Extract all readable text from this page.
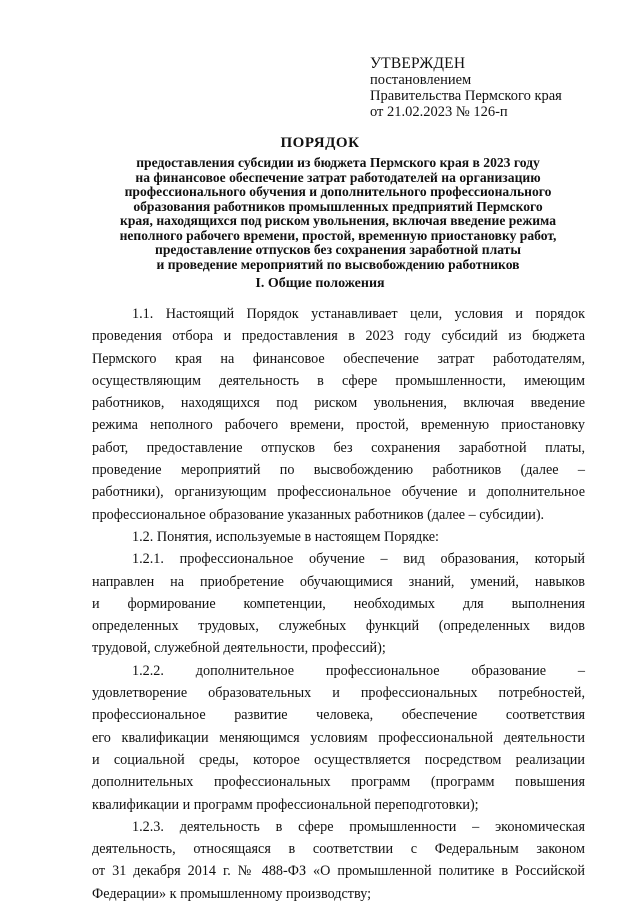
УТВЕРЖДЕН
постановлением
Правительства Пермского края
от 21.02.2023 № 126-п
ПОРЯДОК
предоставления субсидии из бюджета Пермского края в 2023 году
на финансовое обеспечение затрат работодателей на организацию
профессионального обучения и дополнительного профессионального
образования работников промышленных предприятий Пермского
края, находящихся под риском увольнения, включая введение режима
неполного рабочего времени, простой, временную приостановку работ,
предоставление отпусков без сохранения заработной платы
и проведение мероприятий по высвобождению работников
I. Общие положения
1.1. Настоящий Порядок устанавливает цели, условия и порядок
проведения отбора и предоставления в 2023 году субсидий из бюджета
Пермского края на финансовое обеспечение затрат работодателям,
осуществляющим деятельность в сфере промышленности, имеющим
работников, находящихся под риском увольнения, включая введение
режима неполного рабочего времени, простой, временную приостановку
работ, предоставление отпусков без сохранения заработной платы,
проведение мероприятий по высвобождению работников (далее –
работники), организующим профессиональное обучение и дополнительное
профессиональное образование указанных работников (далее – субсидии).
1.2. Понятия, используемые в настоящем Порядке:
1.2.1. профессиональное обучение – вид образования, который
направлен на приобретение обучающимися знаний, умений, навыков
и формирование компетенции, необходимых для выполнения
определенных трудовых, служебных функций (определенных видов
трудовой, служебной деятельности, профессий);
1.2.2. дополнительное профессиональное образование –
удовлетворение образовательных и профессиональных потребностей,
профессиональное развитие человека, обеспечение соответствия
его квалификации меняющимся условиям профессиональной деятельности
и социальной среды, которое осуществляется посредством реализации
дополнительных профессиональных программ (программ повышения
квалификации и программ профессиональной переподготовки);
1.2.3. деятельность в сфере промышленности – экономическая
деятельность, относящаяся в соответствии с Федеральным законом
от 31 декабря 2014 г. № 488-ФЗ «О промышленной политике в Российской
Федерации» к промышленному производству;
